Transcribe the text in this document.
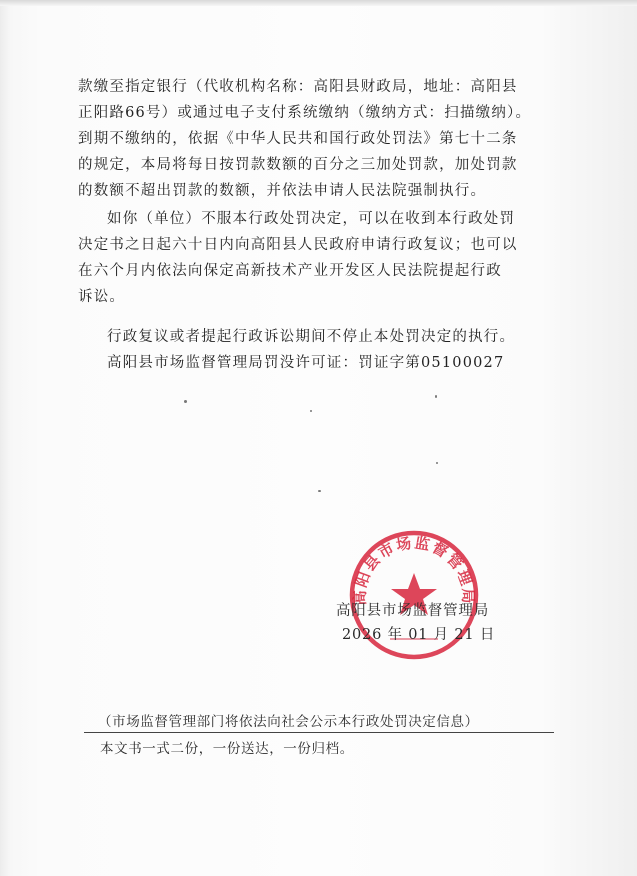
款缴至指定银行（代收机构名称：高阳县财政局，地址：高阳县
正阳路66号）或通过电子支付系统缴纳（缴纳方式：扫描缴纳）。
到期不缴纳的，依据《中华人民共和国行政处罚法》第七十二条
的规定，本局将每日按罚款数额的百分之三加处罚款，加处罚款
的数额不超出罚款的数额，并依法申请人民法院强制执行。

如你（单位）不服本行政处罚决定，可以在收到本行政处罚
决定书之日起六十日内向高阳县人民政府申请行政复议；也可以
在六个月内依法向保定高新技术产业开发区人民法院提起行政
诉讼。

行政复议或者提起行政诉讼期间不停止本处罚决定的执行。

高阳县市场监督管理局罚没许可证：罚证字第05100027

高阳县市场监督管理局
高阳县市场监督管理局
2026 年 01 月 21 日
（市场监督管理部门将依法向社会公示本行政处罚决定信息）
本文书一式二份，一份送达，一份归档。
